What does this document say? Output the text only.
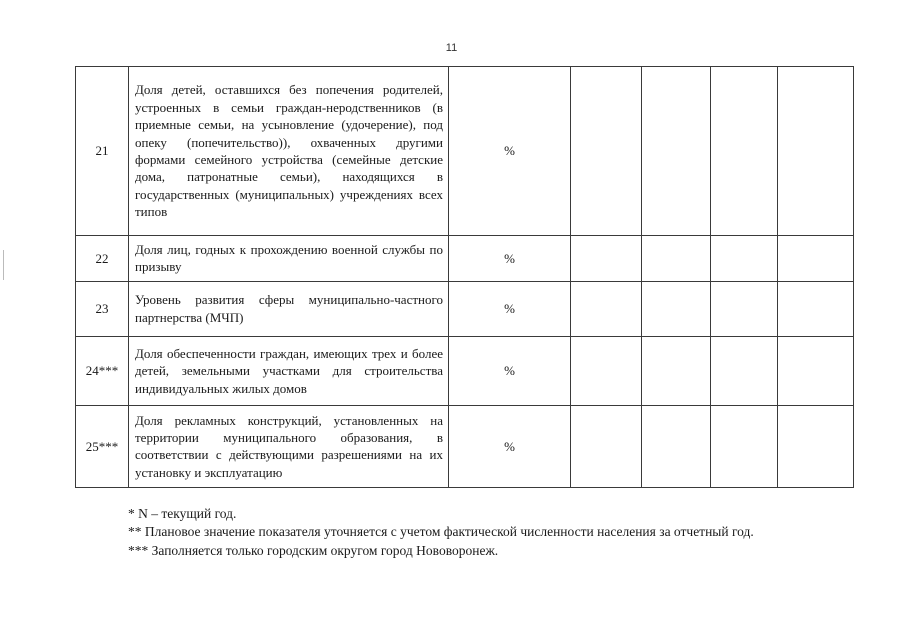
11
21	Доля детей, оставшихся без попечения родителей, устроенных в семьи граждан-неродственников (в приемные семьи, на усыновление (удочерение), под опеку (попечительство)), охваченных другими формами семейного устройства (семейные детские дома, патронатные семьи), находящихся в государственных (муниципальных) учреждениях всех типов	%				
22	Доля лиц, годных к прохождению военной службы по призыву	%				
23	Уровень развития сферы муниципально-частного партнерства (МЧП)	%				
24***	Доля обеспеченности граждан, имеющих трех и более детей, земельными участками для строительства индивидуальных жилых домов	%				
25***	Доля рекламных конструкций, установленных на территории муниципального образования, в соответствии с действующими разрешениями на их установку и эксплуатацию	%				
* N – текущий год.
** Плановое значение показателя уточняется с учетом фактической численности населения за отчетный год.
*** Заполняется только городским округом город Нововоронеж.
